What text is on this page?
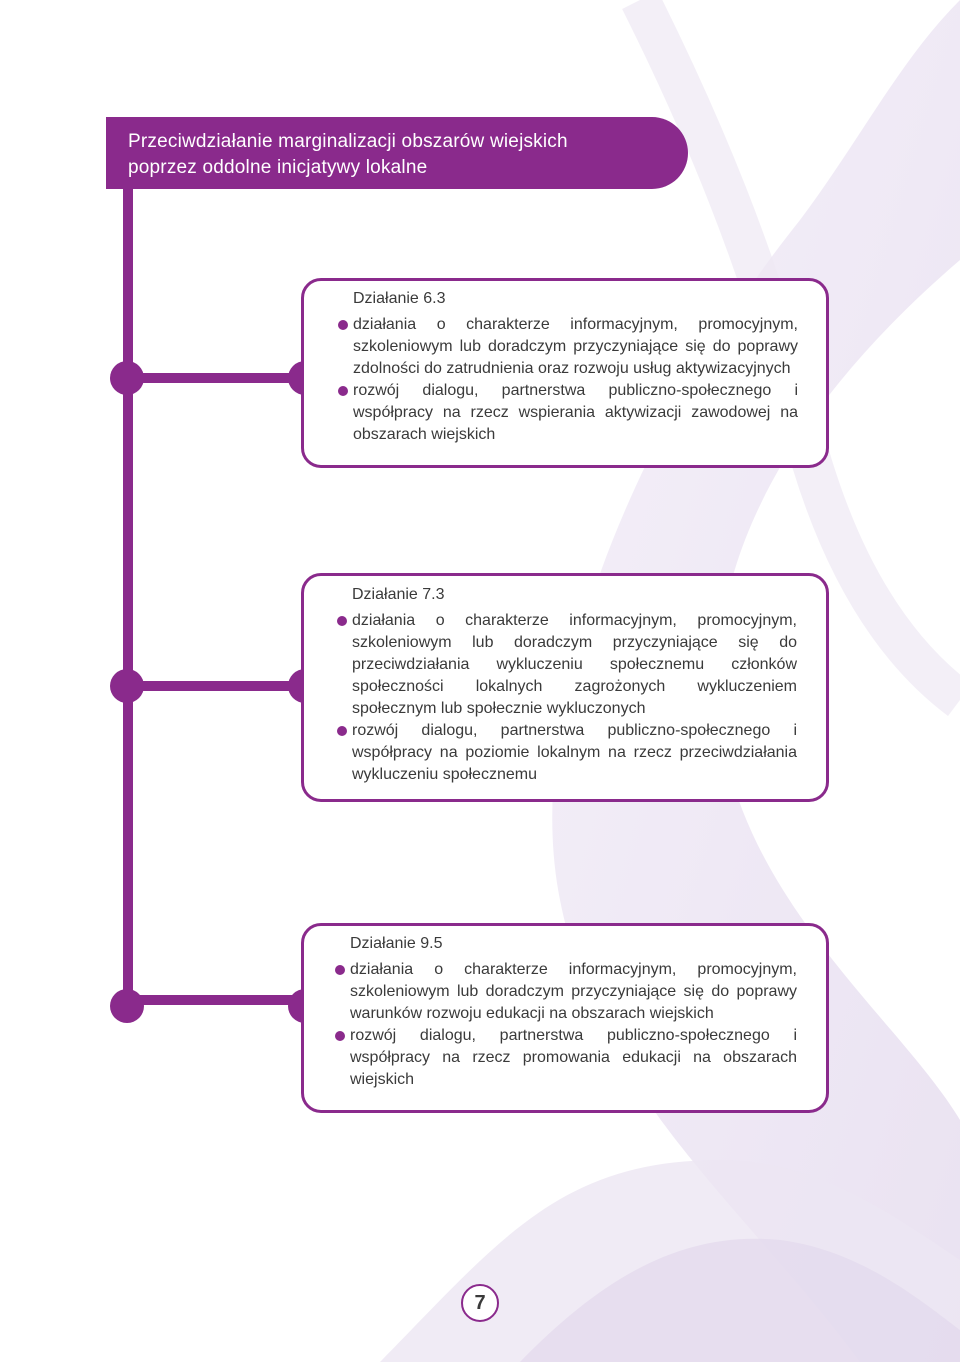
Przeciwdziałanie marginalizacji obszarów wiejskich
poprzez oddolne inicjatywy lokalne
Działanie 6.3
działania o charakterze informacyjnym, promocyjnym, szkoleniowym lub doradczym przyczyniające się do poprawy zdolności do zatrudnienia oraz rozwoju usług aktywizacyjnych
rozwój dialogu, partnerstwa publiczno-społecznego i współpracy na rzecz wspierania aktywizacji zawodowej na obszarach wiejskich
Działanie 7.3
działania o charakterze informacyjnym, promocyjnym, szkoleniowym lub doradczym przyczyniające się do przeciwdziałania wykluczeniu społecznemu członków społeczności lokalnych zagrożonych wykluczeniem społecznym lub społecznie wykluczonych
rozwój dialogu, partnerstwa publiczno-społecznego i współpracy na poziomie lokalnym na rzecz przeciwdziałania wykluczeniu społecznemu
Działanie 9.5
działania o charakterze informacyjnym, promocyjnym, szkoleniowym lub doradczym przyczyniające się do poprawy warunków rozwoju edukacji na obszarach wiejskich
rozwój dialogu, partnerstwa publiczno-społecznego i współpracy na rzecz promowania edukacji na obszarach wiejskich
7
